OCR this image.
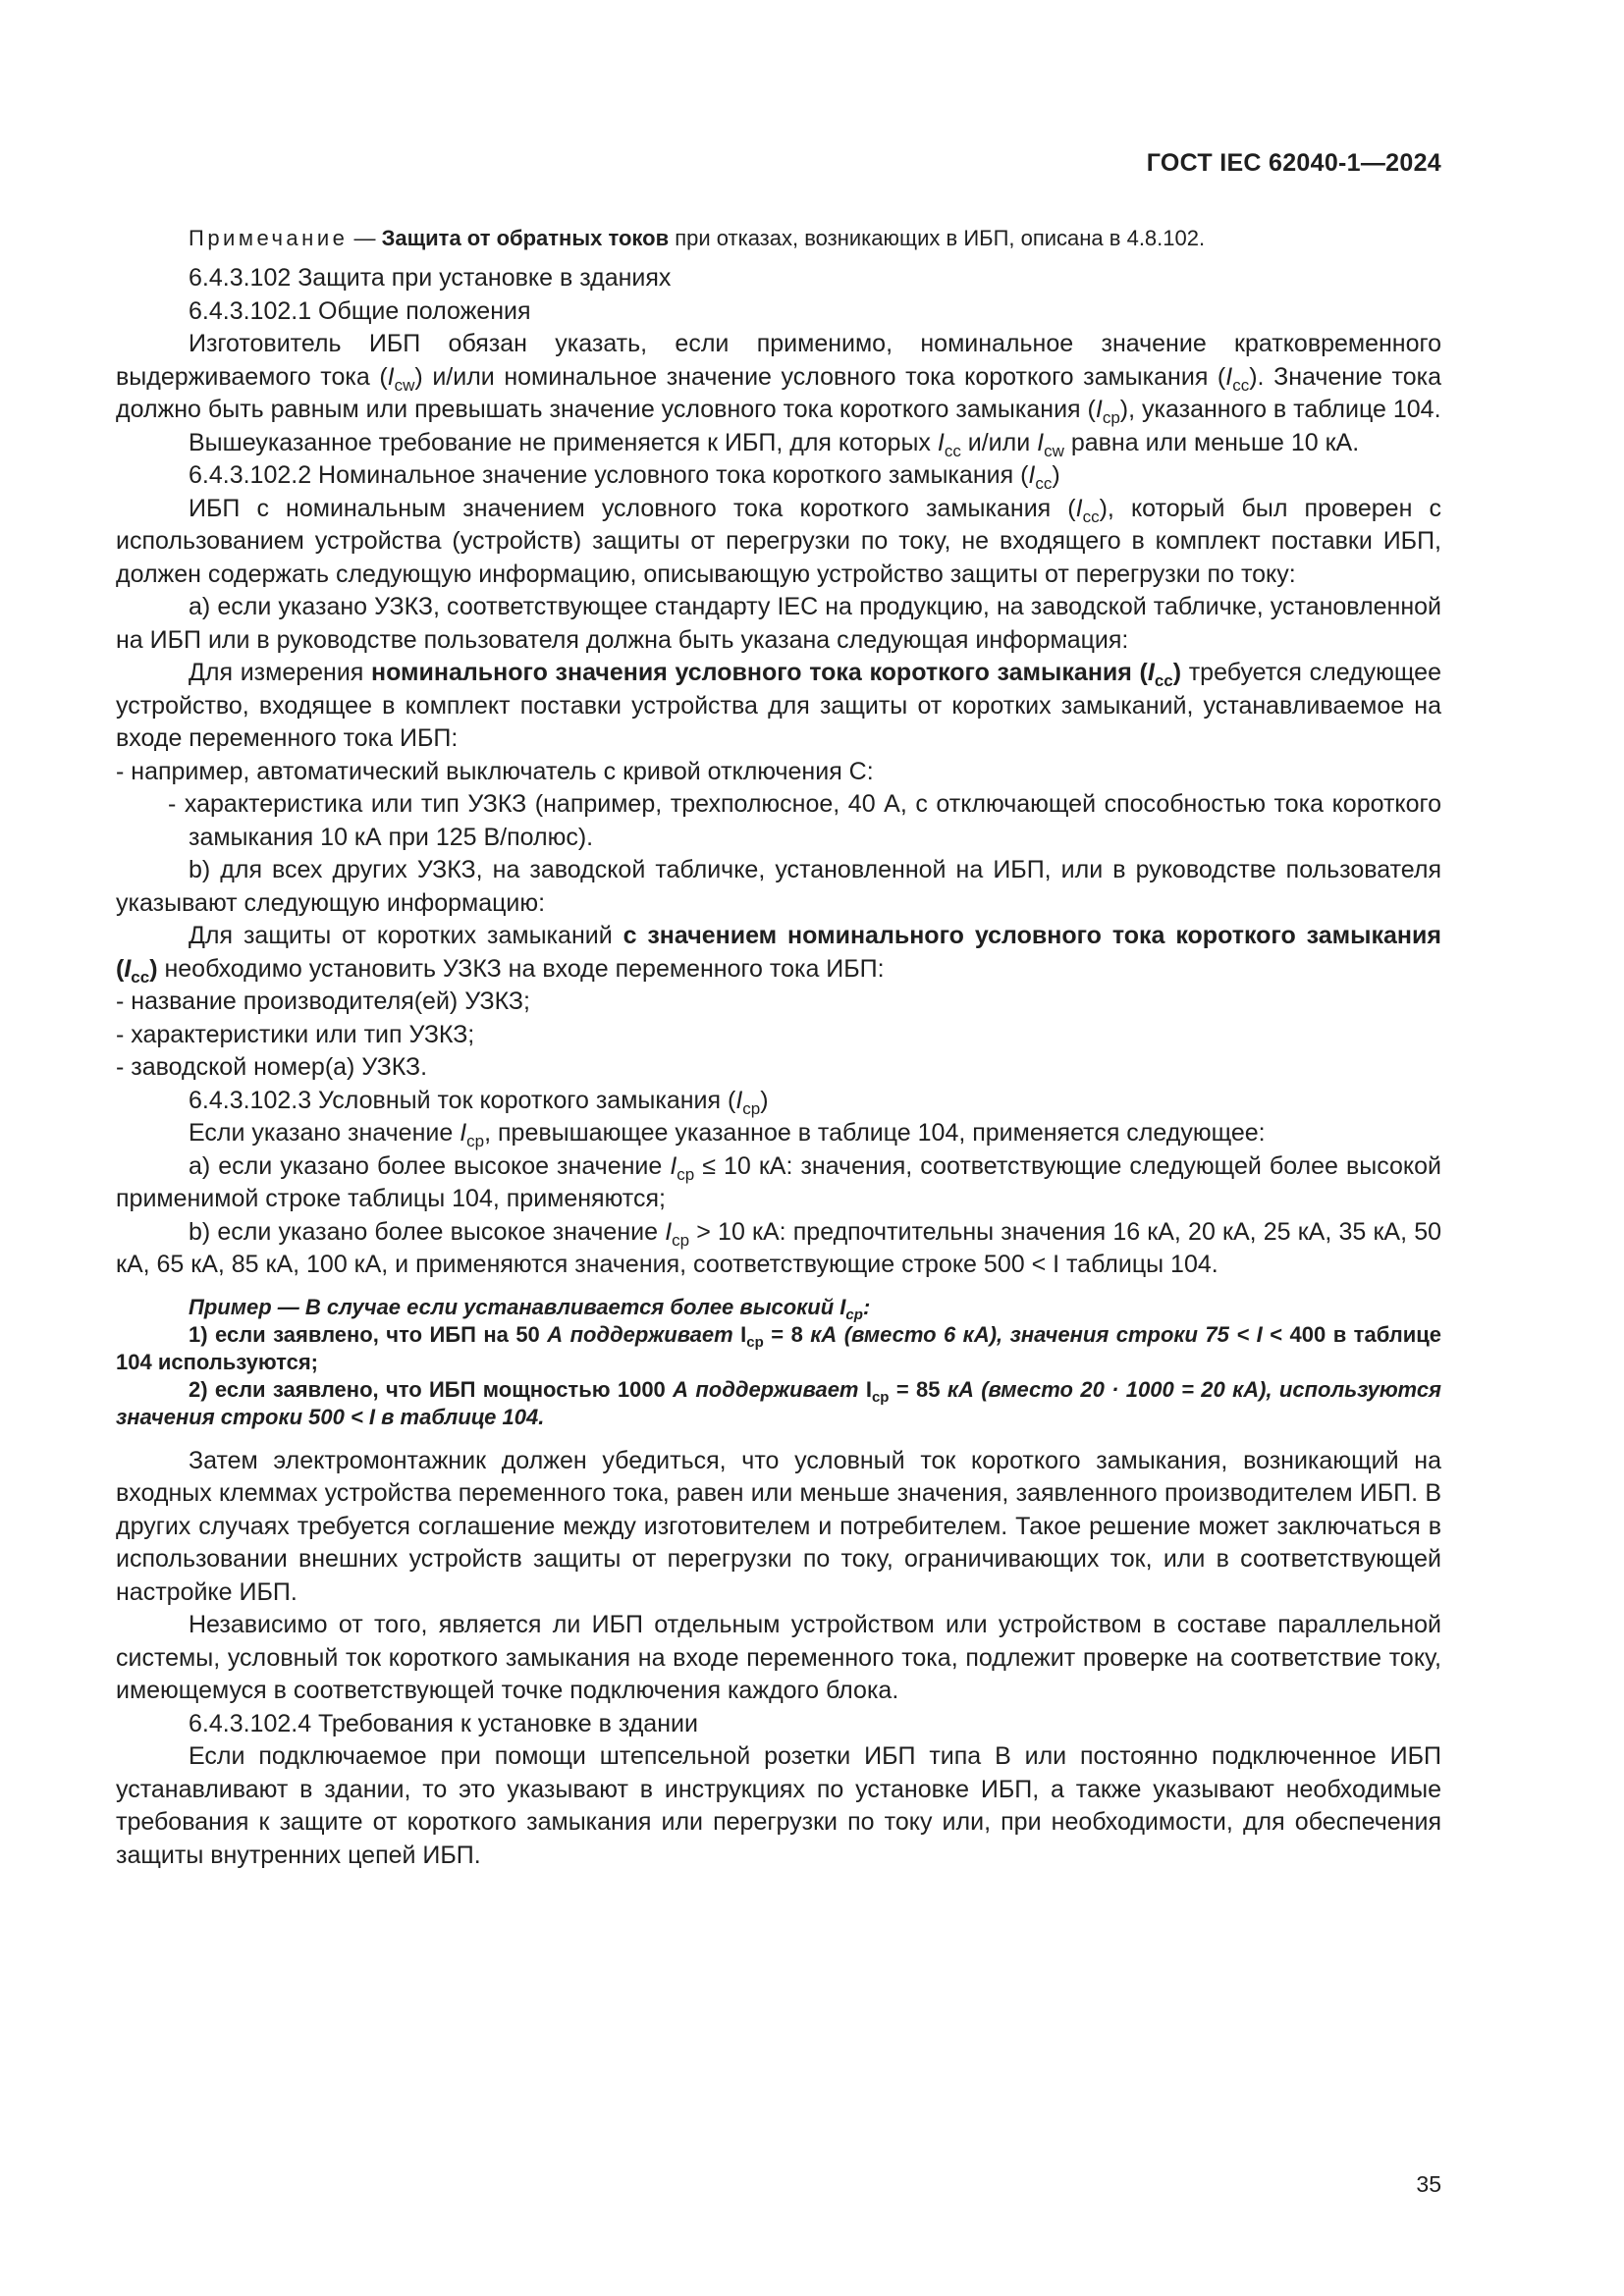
ГОСТ IEC 62040-1—2024

Примечание — Защита от обратных токов при отказах, возникающих в ИБП, описана в 4.8.102.

6.4.3.102 Защита при установке в зданиях

6.4.3.102.1 Общие положения

Изготовитель ИБП обязан указать, если применимо, номинальное значение кратковременного выдерживаемого тока $(I_{cw})$ и/или номинальное значение условного тока короткого замыкания $(I_{cc})$. Значение тока должно быть равным или превышать значение условного тока короткого замыкания $(I_{cp})$, указанного в таблице 104.

Вышеуказанное требование не применяется к ИБП, для которых $I_{cc}$ и/или $I_{cw}$ равна или меньше 10 кА.

6.4.3.102.2 Номинальное значение условного тока короткого замыкания $(I_{cc})$

ИБП с номинальным значением условного тока короткого замыкания $(I_{cc})$, который был проверен с использованием устройства (устройств) защиты от перегрузки по току, не входящего в комплект поставки ИБП, должен содержать следующую информацию, описывающую устройство защиты от перегрузки по току:

а) если указано УЗКЗ, соответствующее стандарту IEC на продукцию, на заводской табличке, установленной на ИБП или в руководстве пользователя должна быть указана следующая информация:

Для измерения номинального значения условного тока короткого замыкания $(I_{cc})$ требуется следующее устройство, входящее в комплект поставки устройства для защиты от коротких замыканий, устанавливаемое на входе переменного тока ИБП:

- например, автоматический выключатель с кривой отключения С:

- характеристика или тип УЗКЗ (например, трехполюсное, 40 А, с отключающей способностью тока короткого замыкания 10 кА при 125 В/полюс).

b) для всех других УЗКЗ, на заводской табличке, установленной на ИБП, или в руководстве пользователя указывают следующую информацию:

Для защиты от коротких замыканий с значением номинального условного тока короткого замыкания $(I_{cc})$ необходимо установить УЗКЗ на входе переменного тока ИБП:

- название производителя(ей) УЗКЗ;

- характеристики или тип УЗКЗ;

- заводской номер(а) УЗКЗ.

6.4.3.102.3 Условный ток короткого замыкания $(I_{cp})$

Если указано значение $I_{cp}$, превышающее указанное в таблице 104, применяется следующее:

а) если указано более высокое значение $I_{cp} \le 10$ кА: значения, соответствующие следующей более высокой применимой строке таблицы 104, применяются;

b) если указано более высокое значение $I_{cp} > 10$ кА: предпочтительны значения 16 кА, 20 кА, 25 кА, 35 кА, 50 кА, 65 кА, 85 кА, 100 кА, и применяются значения, соответствующие строке 500 < I таблицы 104.

Пример — В случае если устанавливается более высокий $I_{cp}$:

1) если заявлено, что ИБП на 50 А поддерживает $I_{cp} = 8$ кА (вместо 6 кА), значения строки 75 < I < 400 в таблице 104 используются;

2) если заявлено, что ИБП мощностью 1000 А поддерживает $I_{cp} = 85$ кА (вместо 20 · 1000 = 20 кА), используются значения строки 500 < I в таблице 104.

Затем электромонтажник должен убедиться, что условный ток короткого замыкания, возникающий на входных клеммах устройства переменного тока, равен или меньше значения, заявленного производителем ИБП. В других случаях требуется соглашение между изготовителем и потребителем. Такое решение может заключаться в использовании внешних устройств защиты от перегрузки по току, ограничивающих ток, или в соответствующей настройке ИБП.

Независимо от того, является ли ИБП отдельным устройством или устройством в составе параллельной системы, условный ток короткого замыкания на входе переменного тока, подлежит проверке на соответствие току, имеющемуся в соответствующей точке подключения каждого блока.

6.4.3.102.4 Требования к установке в здании

Если подключаемое при помощи штепсельной розетки ИБП типа В или постоянно подключенное ИБП устанавливают в здании, то это указывают в инструкциях по установке ИБП, а также указывают необходимые требования к защите от короткого замыкания или перегрузки по току или, при необходимости, для обеспечения защиты внутренних цепей ИБП.

35
